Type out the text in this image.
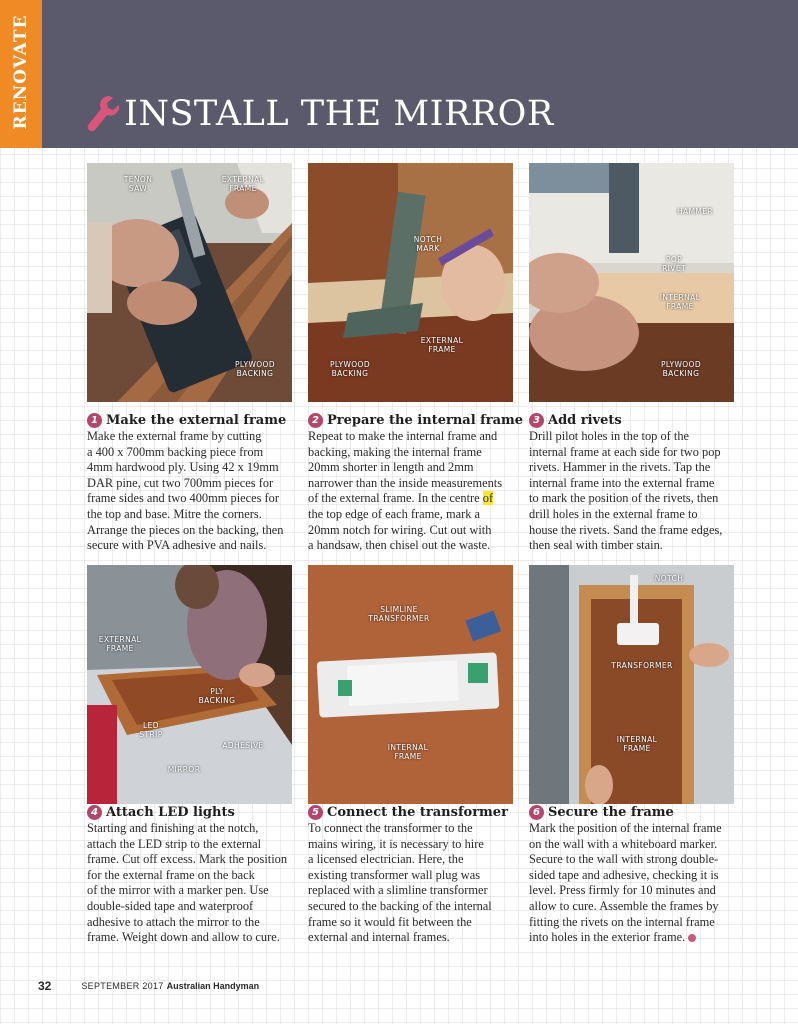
RENOVATE	INSTALL THE MIRROR
TENON
SAW
EXTERNAL
FRAME
PLYWOOD
BACKING
1 Make the external frame
Make the external frame by cutting
a 400 x 700mm backing piece from
4mm hardwood ply. Using 42 x 19mm
DAR pine, cut two 700mm pieces for
frame sides and two 400mm pieces for
the top and base. Mitre the corners.
Arrange the pieces on the backing, then
secure with PVA adhesive and nails.
NOTCH
MARK
EXTERNAL
FRAME
PLYWOOD
BACKING
2 Prepare the internal frame
Repeat to make the internal frame and
backing, making the internal frame
20mm shorter in length and 2mm
narrower than the inside measurements
of the external frame. In the centre of
the top edge of each frame, mark a
20mm notch for wiring. Cut out with
a handsaw, then chisel out the waste.
HAMMER
POP
RIVET
INTERNAL
FRAME
PLYWOOD
BACKING
3 Add rivets
Drill pilot holes in the top of the
internal frame at each side for two pop
rivets. Hammer in the rivets. Tap the
internal frame into the external frame
to mark the position of the rivets, then
drill holes in the external frame to
house the rivets. Sand the frame edges,
then seal with timber stain.
EXTERNAL
FRAME
PLY
BACKING
LED
STRIP
ADHESIVE
MIRROR
4 Attach LED lights
Starting and finishing at the notch,
attach the LED strip to the external
frame. Cut off excess. Mark the position
for the external frame on the back
of the mirror with a marker pen. Use
double-sided tape and waterproof
adhesive to attach the mirror to the
frame. Weight down and allow to cure.
SLIMLINE
TRANSFORMER
INTERNAL
FRAME
5 Connect the transformer
To connect the transformer to the
mains wiring, it is necessary to hire
a licensed electrician. Here, the
existing transformer wall plug was
replaced with a slimline transformer
secured to the backing of the internal
frame so it would fit between the
external and internal frames.
NOTCH
TRANSFORMER
INTERNAL
FRAME
6 Secure the frame
Mark the position of the internal frame
on the wall with a whiteboard marker.
Secure to the wall with strong double-
sided tape and adhesive, checking it is
level. Press firmly for 10 minutes and
allow to cure. Assemble the frames by
fitting the rivets on the internal frame
into holes in the exterior frame.
32	SEPTEMBER 2017 Australian Handyman
